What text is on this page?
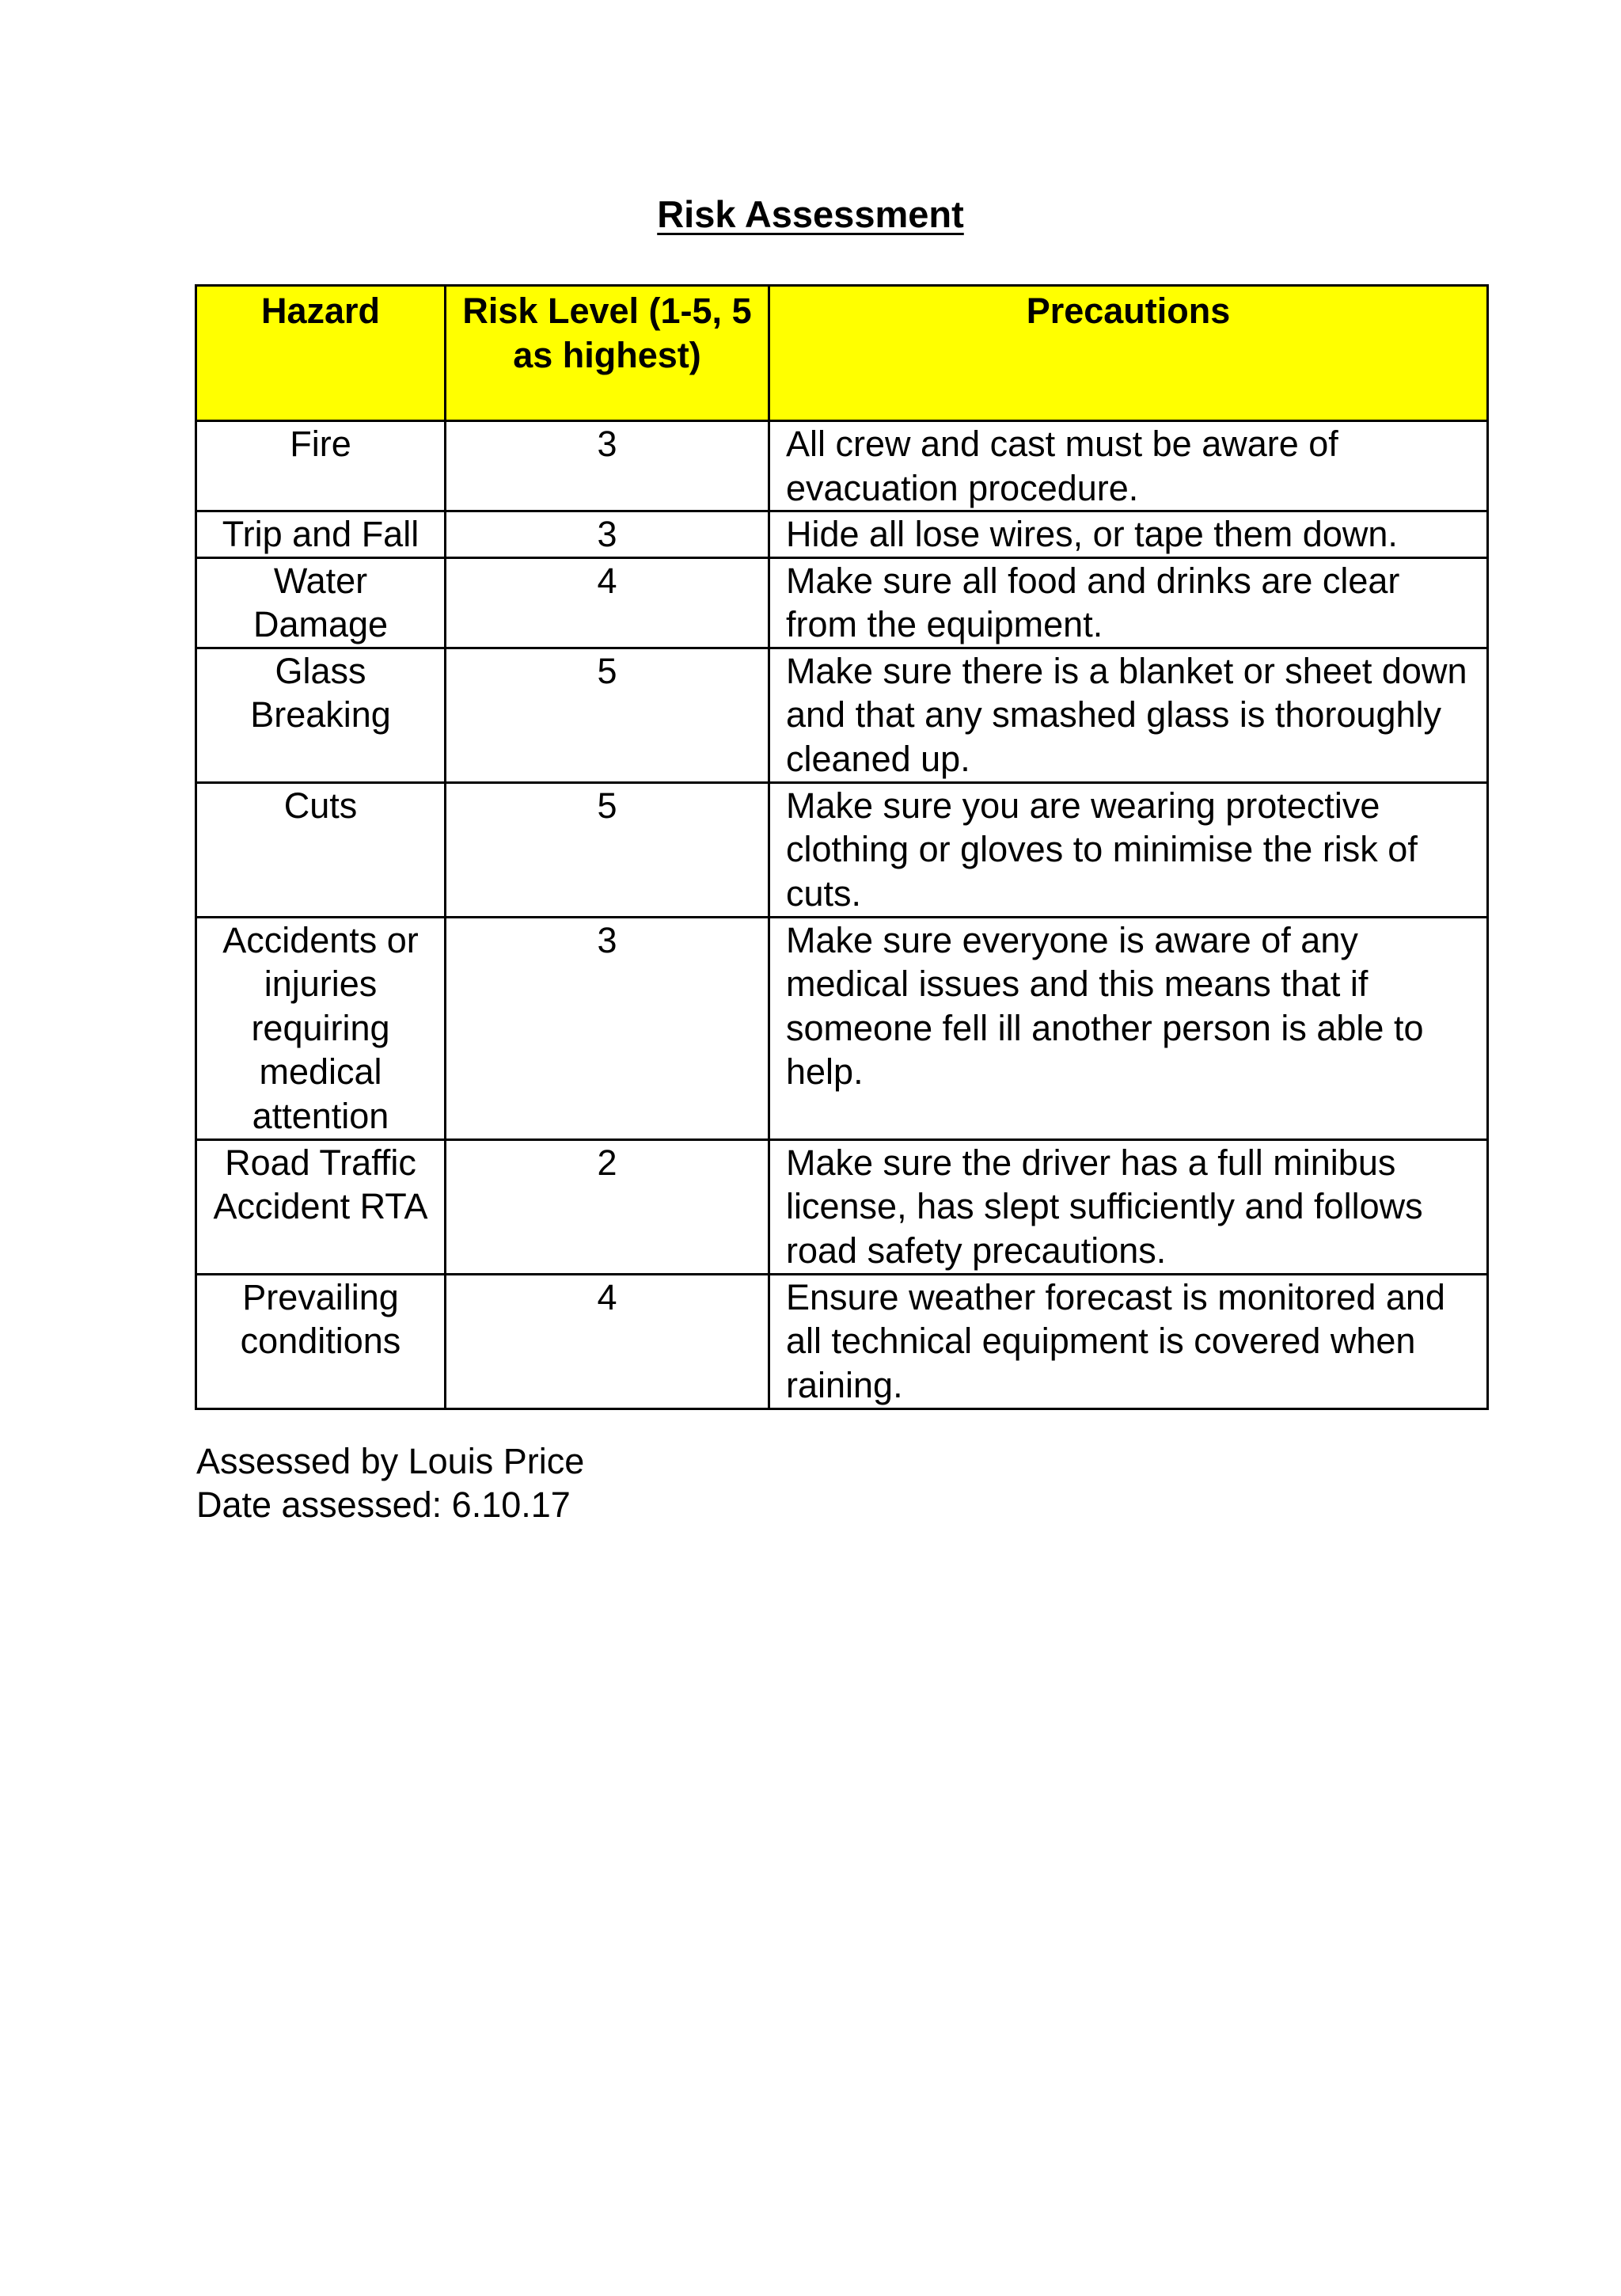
Risk Assessment
Hazard	Risk Level (1-5, 5 as highest)	Precautions
Fire	3	All crew and cast must be aware of evacuation procedure.
Trip and Fall	3	Hide all lose wires, or tape them down.
Water Damage	4	Make sure all food and drinks are clear from the equipment.
Glass Breaking	5	Make sure there is a blanket or sheet down and that any smashed glass is thoroughly cleaned up.
Cuts	5	Make sure you are wearing protective clothing or gloves to minimise the risk of cuts.
Accidents or injuries requiring medical attention	3	Make sure everyone is aware of any medical issues and this means that if someone fell ill another person is able to help.
Road Traffic Accident RTA	2	Make sure the driver has a full minibus license, has slept sufficiently and follows road safety precautions.
Prevailing conditions	4	Ensure weather forecast is monitored and all technical equipment is covered when raining.
Assessed by Louis Price
Date assessed: 6.10.17
